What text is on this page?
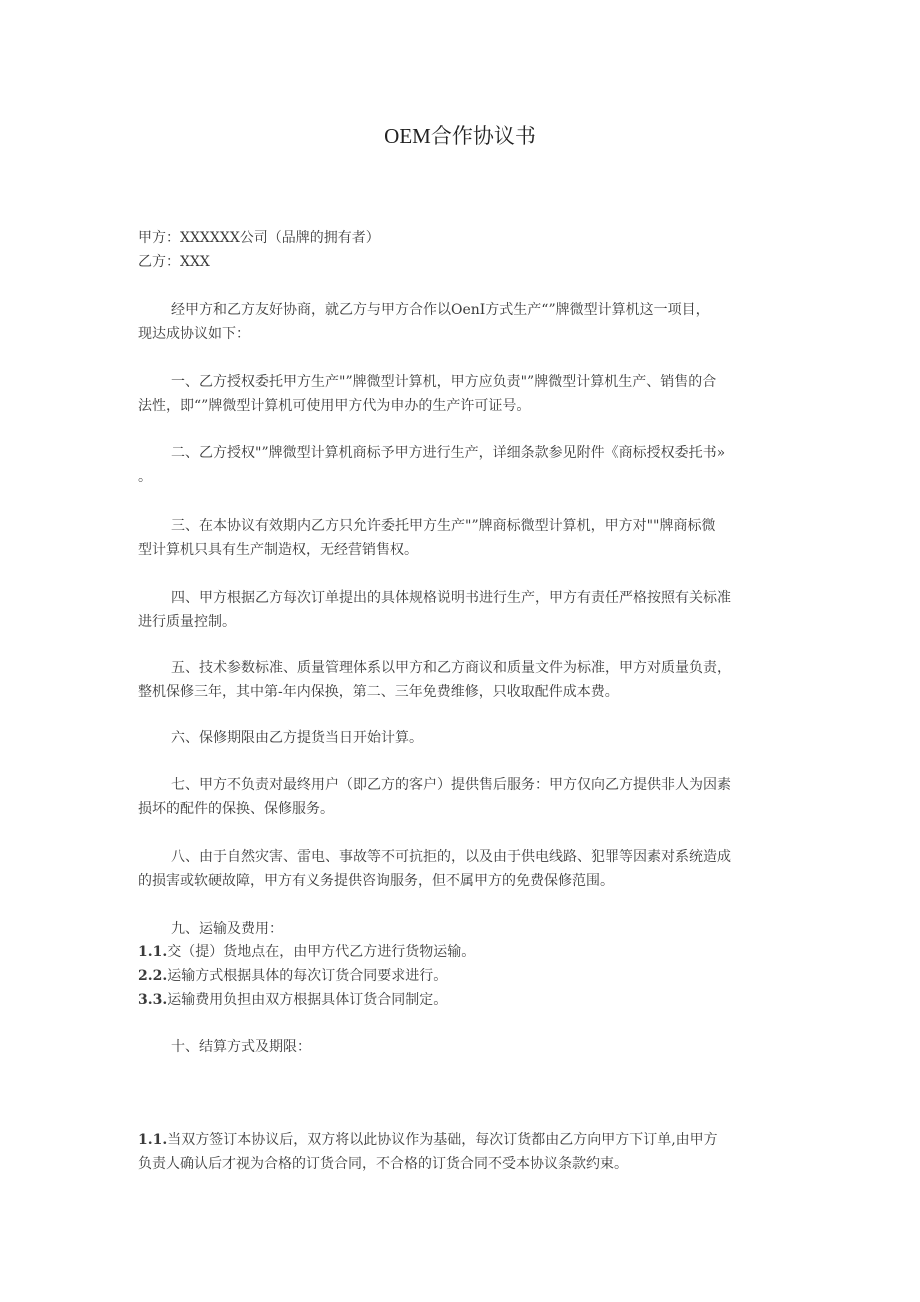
OEM合作协议书
甲方：XXXXXX公司（品牌的拥有者）
乙方：XXX
经甲方和乙方友好协商，就乙方与甲方合作以OenI方式生产“”牌微型计算机这一项目，
现达成协议如下：
一、乙方授权委托甲方生产"”牌微型计算机，甲方应负责"”牌微型计算机生产、销售的合
法性，即“”牌微型计算机可使用甲方代为申办的生产许可证号。
二、乙方授权"”牌微型计算机商标予甲方进行生产，详细条款参见附件《商标授权委托书»
。
三、在本协议有效期内乙方只允许委托甲方生产"”牌商标微型计算机，甲方对""牌商标微
型计算机只具有生产制造权，无经营销售权。
四、甲方根据乙方每次订单提出的具体规格说明书进行生产，甲方有责任严格按照有关标准
进行质量控制。
五、技术参数标准、质量管理体系以甲方和乙方商议和质量文件为标准，甲方对质量负责，
整机保修三年，其中第-年内保换，第二、三年免费维修，只收取配件成本费。
六、保修期限由乙方提货当日开始计算。
七、甲方不负责对最终用户（即乙方的客户）提供售后服务：甲方仅向乙方提供非人为因素
损坏的配件的保换、保修服务。
八、由于自然灾害、雷电、事故等不可抗拒的，以及由于供电线路、犯罪等因素对系统造成
的损害或软硬故障，甲方有义务提供咨询服务，但不属甲方的免费保修范围。
九、运输及费用：
1.1.交（提）货地点在，由甲方代乙方进行货物运输。
2.2.运输方式根据具体的每次订货合同要求进行。
3.3.运输费用负担由双方根据具体订货合同制定。
十、结算方式及期限：
1.1.当双方签订本协议后，双方将以此协议作为基础，每次订货都由乙方向甲方下订单,由甲方
负责人确认后才视为合格的订货合同，不合格的订货合同不受本协议条款约束。
